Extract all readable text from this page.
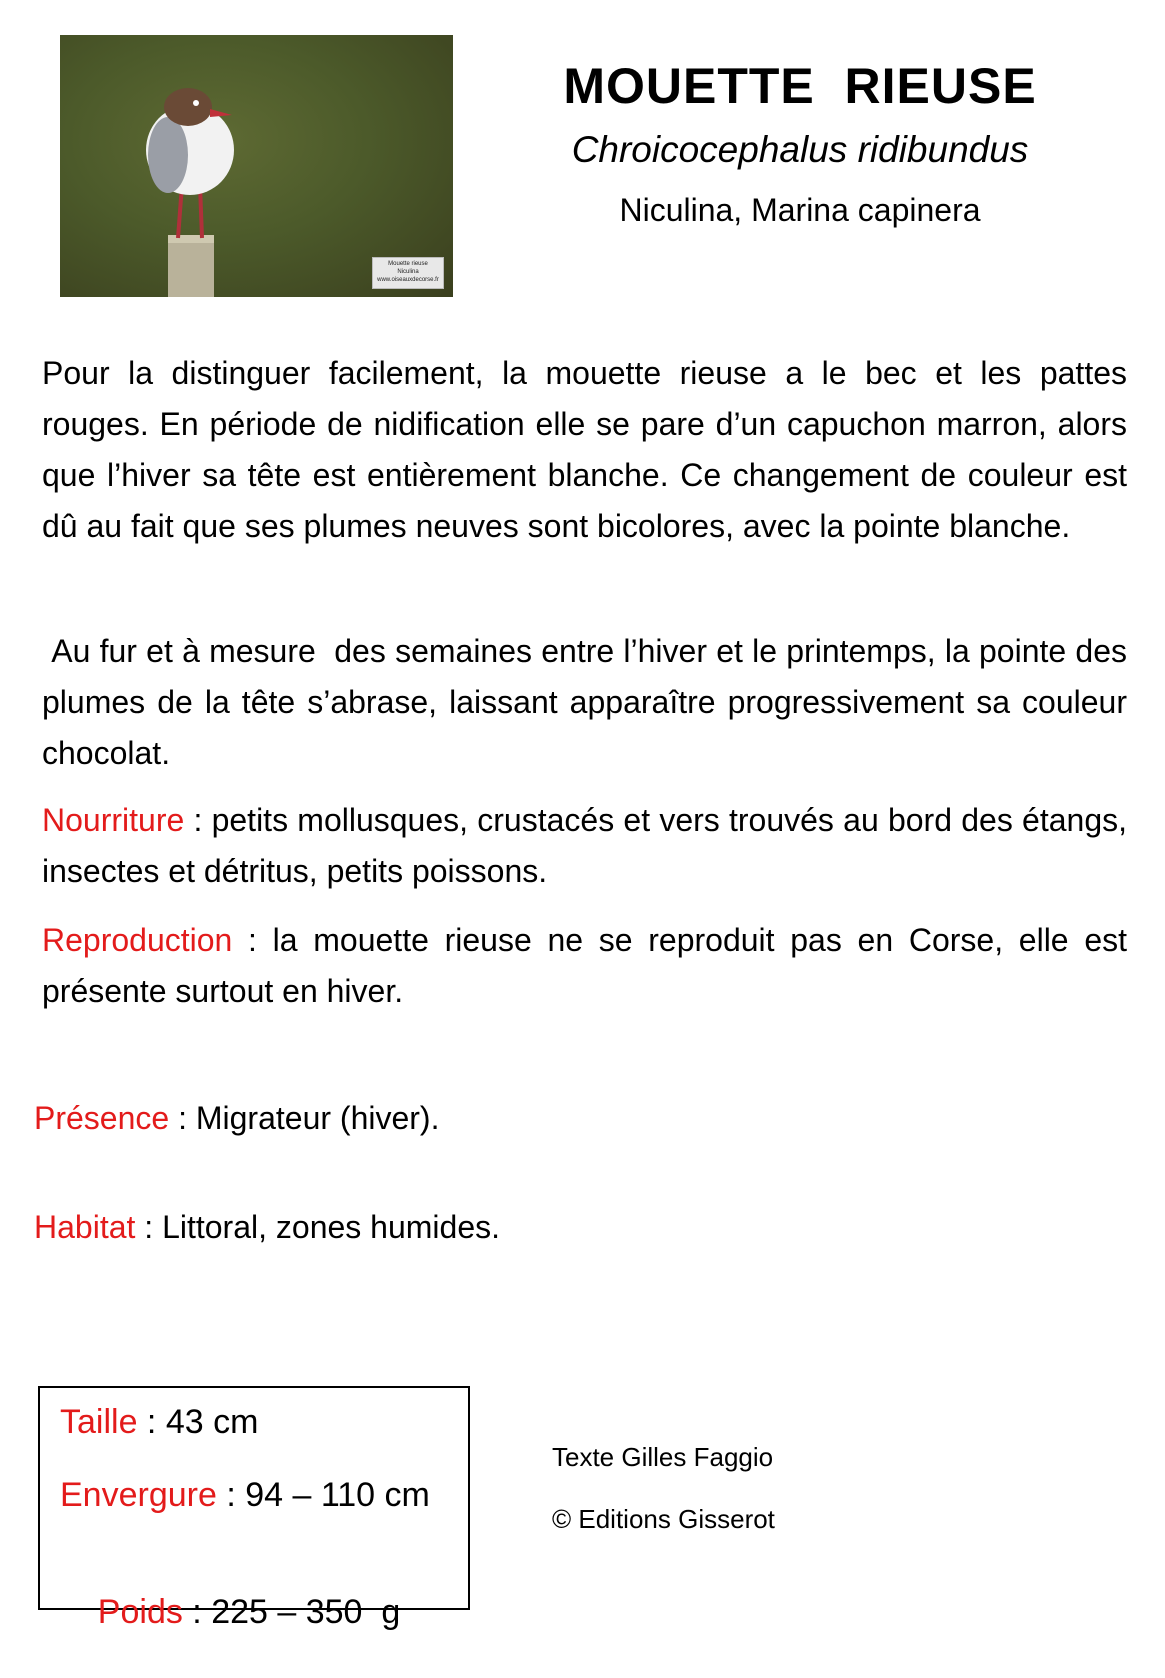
Mouette rieuse
Niculina
www.oiseauxdecorse.fr
MOUETTE  RIEUSE
Chroicocephalus ridibundus
Niculina, Marina capinera
Pour la distinguer facilement, la mouette rieuse a le bec et les pattes rouges. En période de nidification elle se pare d’un capuchon marron, alors que l’hiver sa tête est entièrement blanche. Ce changement de couleur est dû au fait que ses plumes neuves sont bicolores, avec la pointe blanche.
Au fur et à mesure  des semaines entre l’hiver et le printemps, la pointe des plumes de la tête s’abrase, laissant apparaître progressivement sa couleur chocolat.
Nourriture : petits mollusques, crustacés et vers trouvés au bord des étangs, insectes et détritus, petits poissons.
Reproduction : la mouette rieuse ne se reproduit pas en Corse, elle est présente surtout en hiver.
Présence : Migrateur (hiver).
Habitat : Littoral, zones humides.
Taille : 43 cm
Envergure : 94 – 110 cm

Poids : 225 – 350  g

Texte Gilles Faggio
© Editions Gisserot
